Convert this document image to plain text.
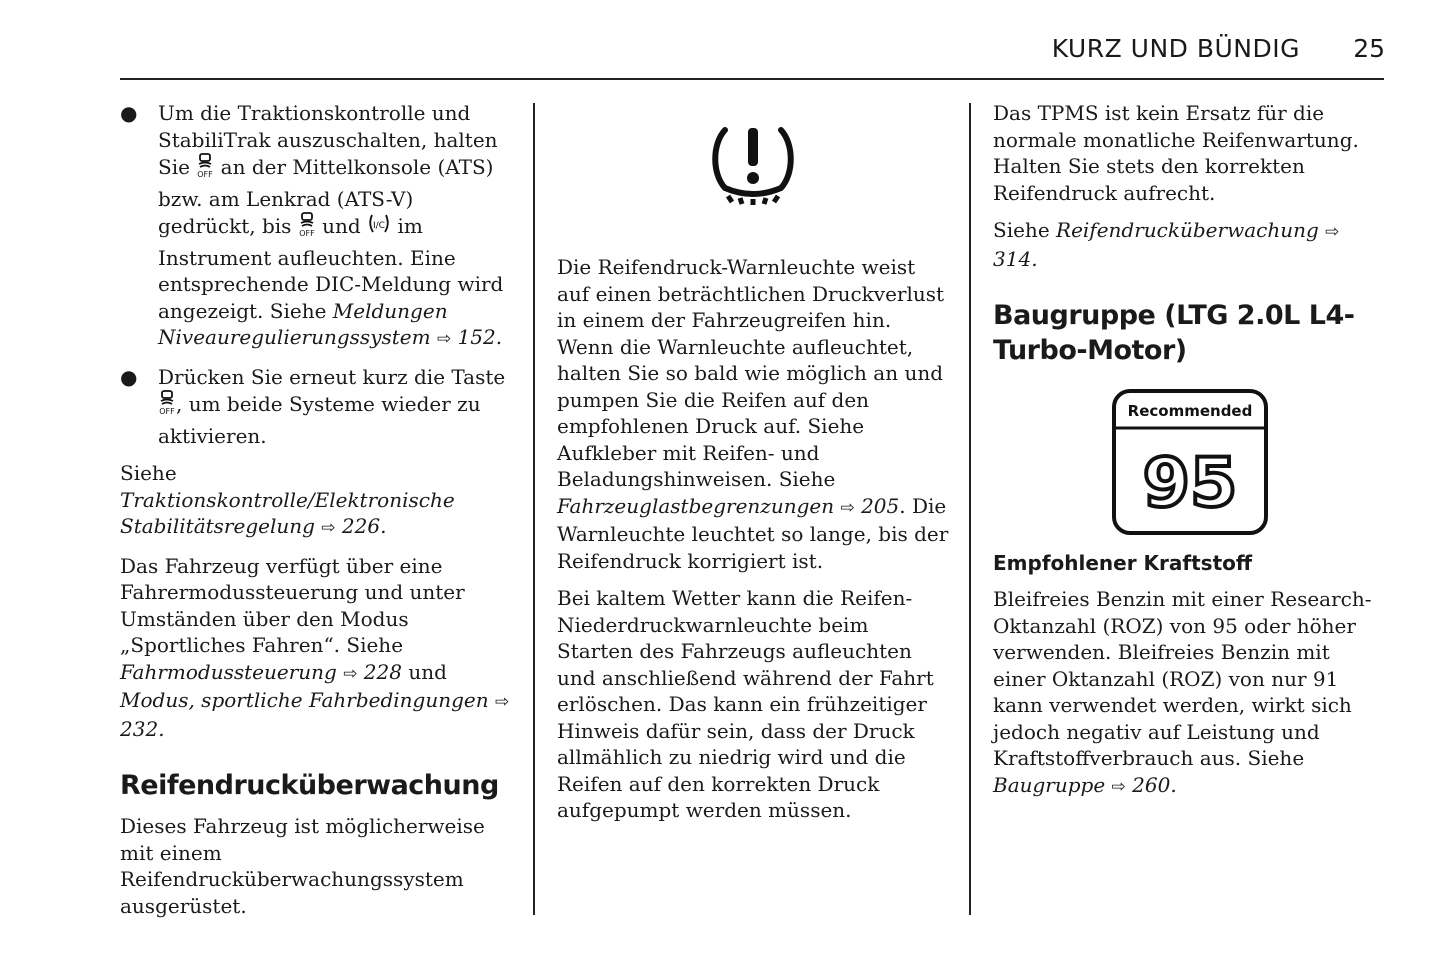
KURZ UND BÜNDIG	25
● Um die Traktionskontrolle und StabiliTrak auszuschalten, halten Sie OFF an der Mittelkonsole (ATS) bzw. am Lenkrad (ATS-V) gedrückt, bis OFF und I/C im Instrument aufleuchten. Eine entsprechende DIC-Meldung wird angezeigt. Siehe Meldungen Niveauregulierungssystem ⇨ 152.
● Drücken Sie erneut kurz die Taste
OFF , um beide Systeme wieder zu aktivieren.

Siehe Traktionskontrolle/Elektronische Stabilitätsregelung ⇨ 226.

Das Fahrzeug verfügt über eine Fahrermodussteuerung und unter Umständen über den Modus „Sportliches Fahren“. Siehe Fahrmodussteuerung ⇨ 228 und Modus, sportliche Fahrbedingungen ⇨ 232.

Reifendrucküberwachung

Dieses Fahrzeug ist möglicherweise mit einem Reifendrucküberwachungssystem ausgerüstet.

Die Reifendruck-Warnleuchte weist auf einen beträchtlichen Druckverlust in einem der Fahrzeugreifen hin. Wenn die Warnleuchte aufleuchtet, halten Sie so bald wie möglich an und pumpen Sie die Reifen auf den empfohlenen Druck auf. Siehe Aufkleber mit Reifen- und Beladungshinweisen. Siehe Fahrzeuglastbegrenzungen ⇨ 205. Die Warnleuchte leuchtet so lange, bis der Reifendruck korrigiert ist.

Bei kaltem Wetter kann die Reifen-Niederdruckwarnleuchte beim Starten des Fahrzeugs aufleuchten und anschließend während der Fahrt erlöschen. Das kann ein frühzeitiger Hinweis dafür sein, dass der Druck allmählich zu niedrig wird und die Reifen auf den korrekten Druck aufgepumpt werden müssen.

Das TPMS ist kein Ersatz für die normale monatliche Reifenwartung. Halten Sie stets den korrekten Reifendruck aufrecht.

Siehe Reifendrucküberwachung ⇨ 314.

Baugruppe (LTG 2.0L L4-Turbo-Motor)
Recommended
95
Empfohlener Kraftstoff

Bleifreies Benzin mit einer Research-Oktanzahl (ROZ) von 95 oder höher verwenden. Bleifreies Benzin mit einer Oktanzahl (ROZ) von nur 91 kann verwendet werden, wirkt sich jedoch negativ auf Leistung und Kraftstoffverbrauch aus. Siehe Baugruppe ⇨ 260.
